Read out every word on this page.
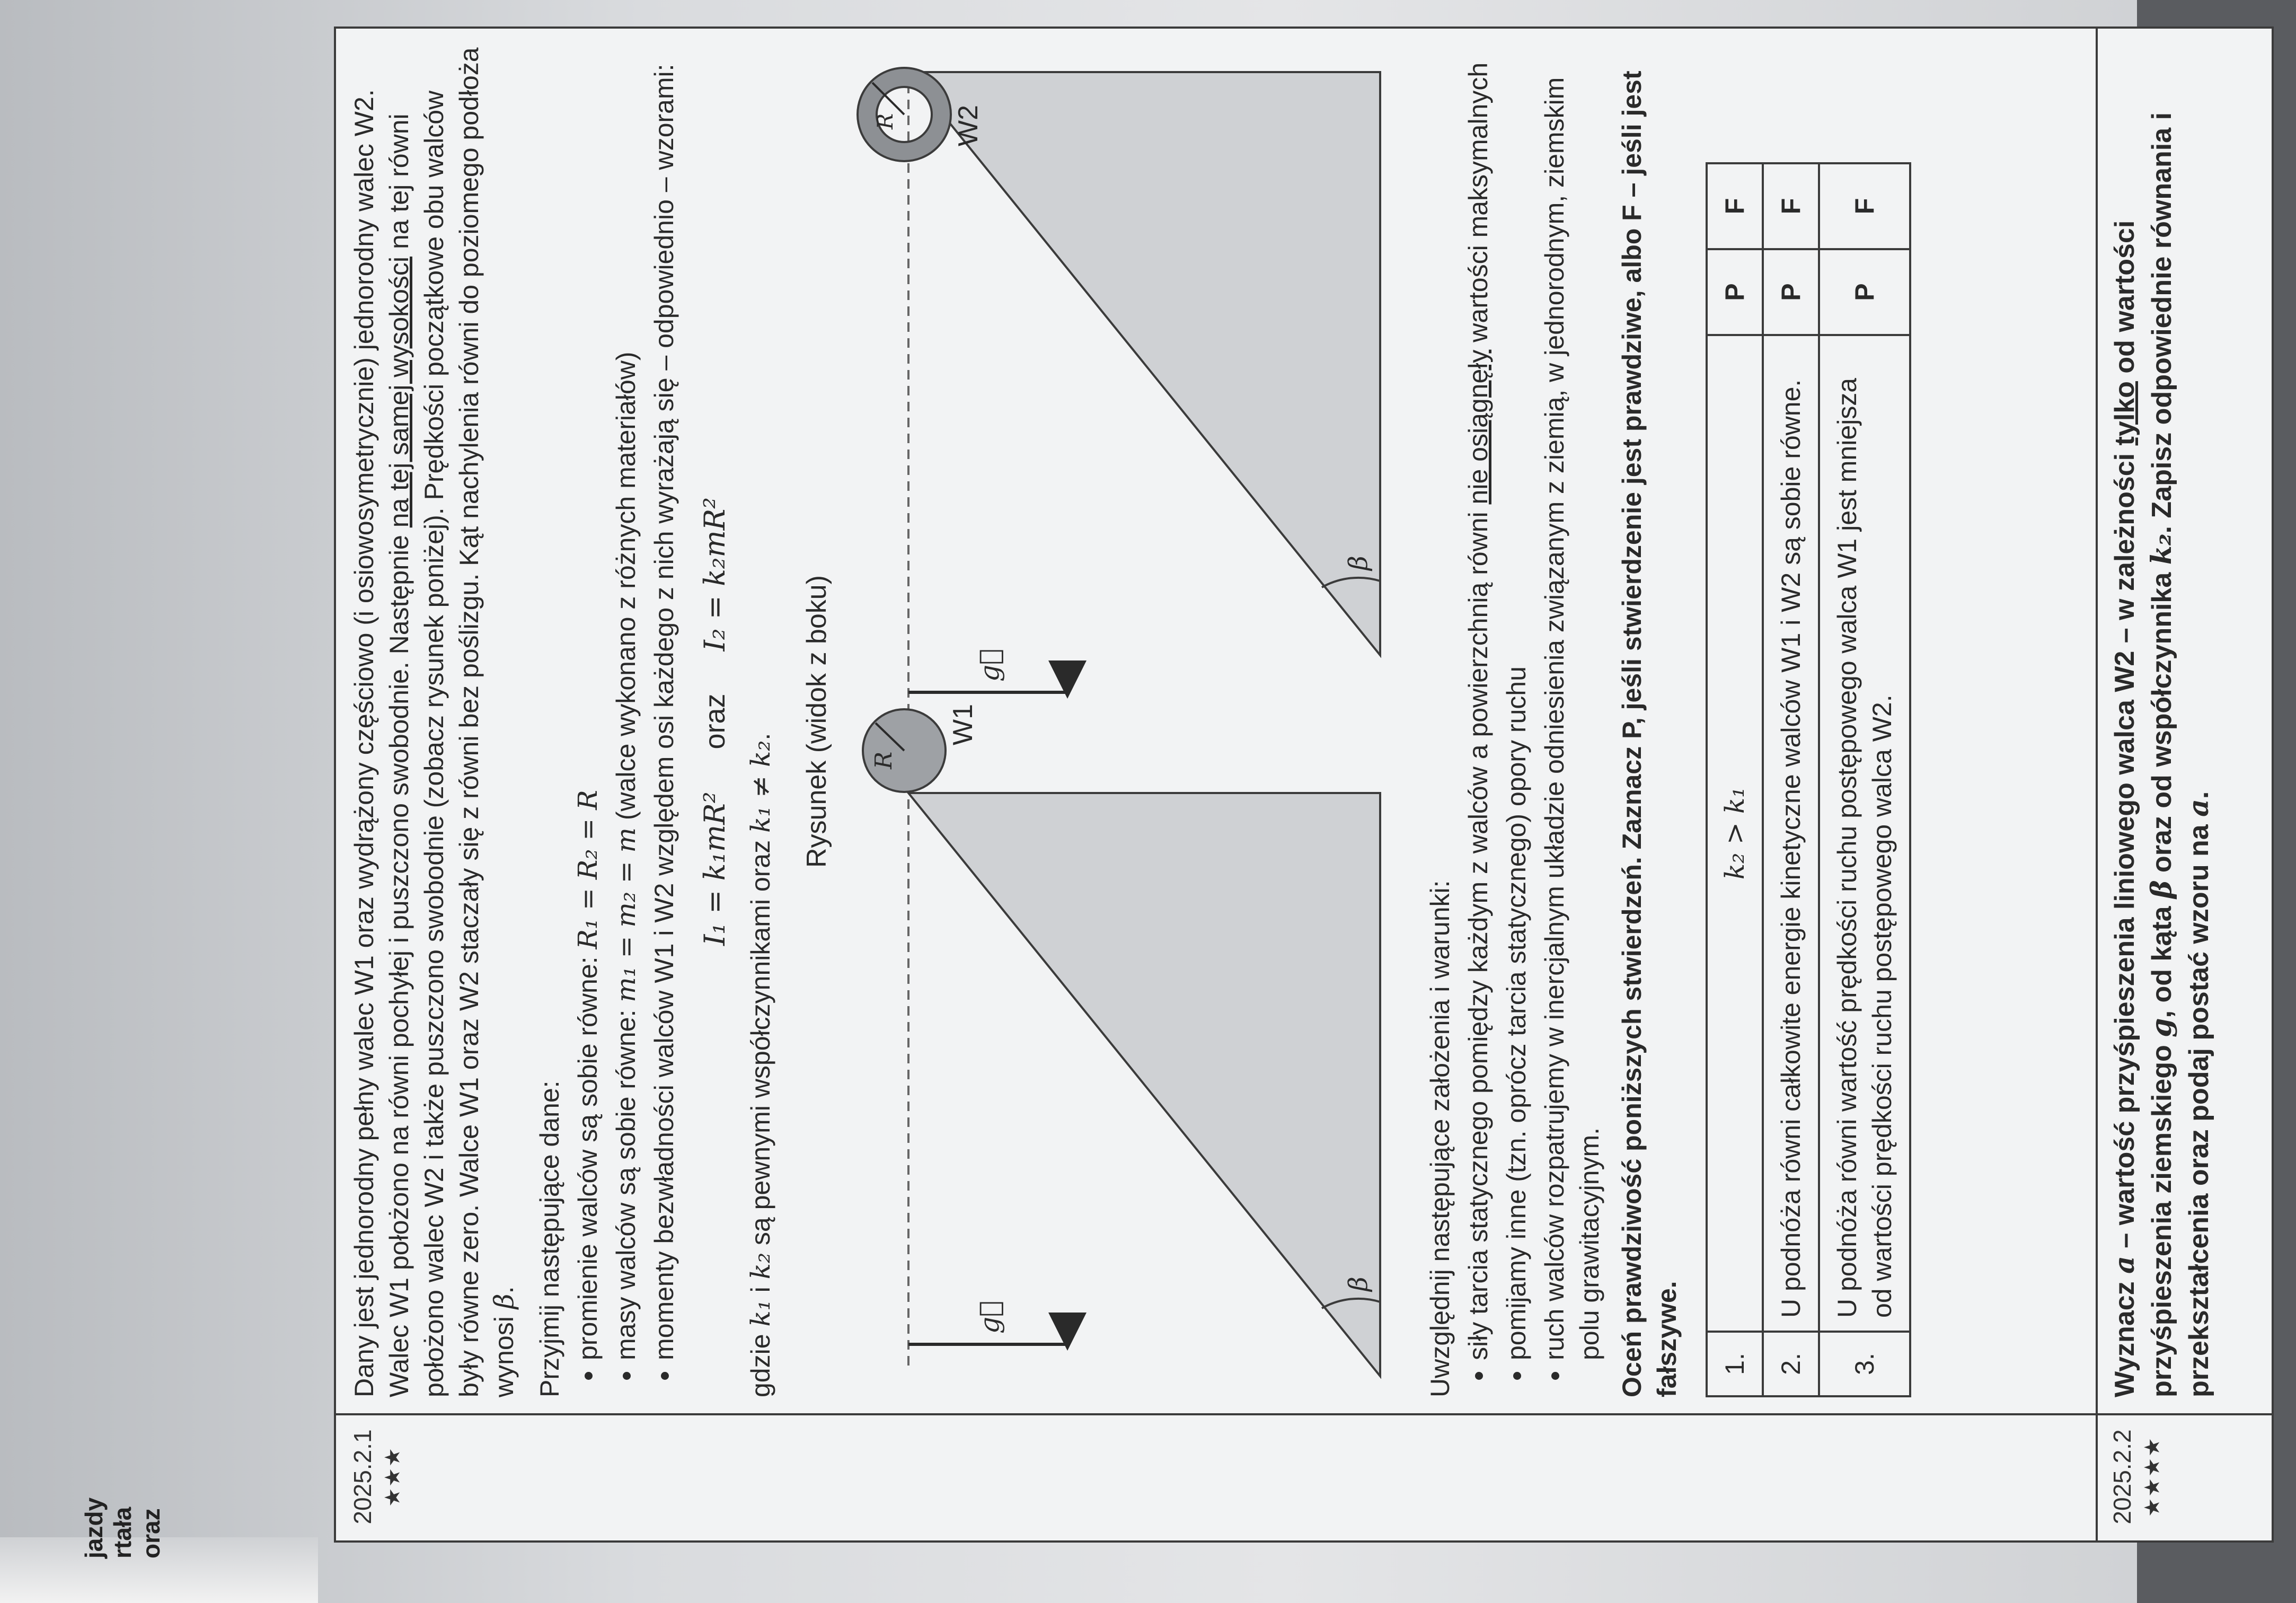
jazdy rtała oraz
2025.2.1 ★★★

Dany jest jednorodny pełny walec W1 oraz wydrążony częściowo (i osiowosymetrycznie) jednorodny walec W2. Walec W1 położono na równi pochyłej i puszczono swobodnie. Następnie na tej samej wysokości na tej równi położono walec W2 i także puszczono swobodnie (zobacz rysunek poniżej). Prędkości początkowe obu walców były równe zero. Walce W1 oraz W2 staczały się z równi bez poślizgu. Kąt nachylenia równi do poziomego podłoża wynosi β. Przyjmij następujące dane: • promienie walców są sobie równe: R₁ = R₂ = R
• masy walców są sobie równe: m₁ = m₂ = m (walce wykonano z różnych materiałów) • momenty bezwładności walców W1 i W2 względem osi każdego z nich wyrażają się – odpowiednio – wzorami: I₁ = k₁mR²
oraz
I₂ = k₂mR²

gdzie k₁ i k₂ są pewnymi współczynnikami oraz k₁ ≠ k₂. Rysunek (widok z boku)
β
R
W1
g⃗
β
R W2
g⃗
Uwzględnij następujące założenia i warunki: • siły tarcia statycznego pomiędzy każdym z walców a powierzchnią równi nie osiągnęły wartości maksymalnych
• pomijamy inne (tzn. oprócz tarcia statycznego) opory ruchu • ruch walców rozpatrujemy w inercjalnym układzie odniesienia związanym z ziemią, w jednorodnym, ziemskim polu grawitacyjnym. Oceń prawdziwość poniższych stwierdzeń. Zaznacz P, jeśli stwierdzenie jest prawdziwe, albo F – jeśli jest fałszywe. 1.	k₂ > k₁	P	F
2.	U podnóża równi całkowite energie kinetyczne walców W1 i W2 są sobie równe.	P	F
3.	U podnóża równi wartość prędkości ruchu postępowego walca W1 jest mniejsza od wartości prędkości ruchu postępowego walca W2.	P	F
2025.2.2 ★★★★

Wyznacz a – wartość przyśpieszenia liniowego walca W2 – w zależności tylko od wartości przyśpieszenia ziemskiego g, od kąta β oraz od współczynnika k₂. Zapisz odpowiednie równania i przekształcenia oraz podaj postać wzoru na a.
